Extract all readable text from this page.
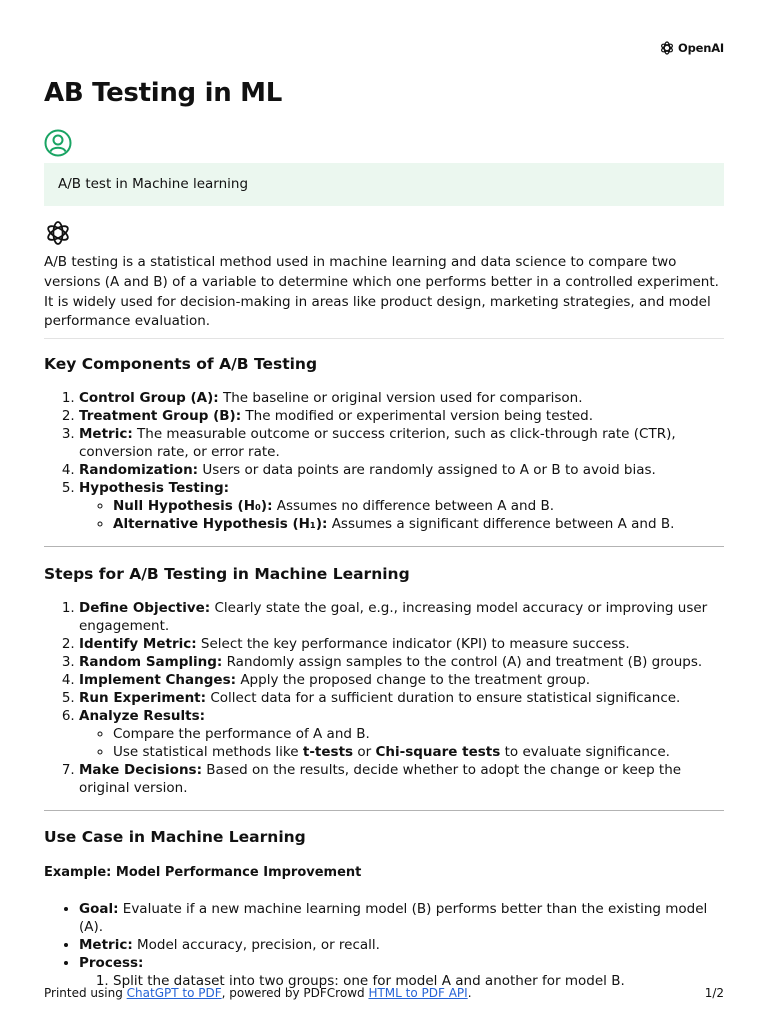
OpenAI
AB Testing in ML
A/B test in Machine learning

A/B testing is a statistical method used in machine learning and data science to compare two versions (A and B) of a variable to determine which one performs better in a controlled experiment. It is widely used for decision-making in areas like product design, marketing strategies, and model performance evaluation.

Key Components of A/B Testing
1. Control Group (A): The baseline or original version used for comparison.
2. Treatment Group (B): The modified or experimental version being tested.
3. Metric: The measurable outcome or success criterion, such as click-through rate (CTR), conversion rate, or error rate.
4. Randomization: Users or data points are randomly assigned to A or B to avoid bias.
5. Hypothesis Testing:
◦ Null Hypothesis (H₀): Assumes no difference between A and B.
◦ Alternative Hypothesis (H₁): Assumes a significant difference between A and B.
Steps for A/B Testing in Machine Learning
1. Define Objective: Clearly state the goal, e.g., increasing model accuracy or improving user engagement.
2. Identify Metric: Select the key performance indicator (KPI) to measure success.
3. Random Sampling: Randomly assign samples to the control (A) and treatment (B) groups.
4. Implement Changes: Apply the proposed change to the treatment group.
5. Run Experiment: Collect data for a sufficient duration to ensure statistical significance.
6. Analyze Results:
◦ Compare the performance of A and B.
◦ Use statistical methods like t-tests or Chi-square tests to evaluate significance.
7. Make Decisions: Based on the results, decide whether to adopt the change or keep the original version.
Use Case in Machine Learning
Example: Model Performance Improvement
• Goal: Evaluate if a new machine learning model (B) performs better than the existing model (A).
• Metric: Model accuracy, precision, or recall.
• Process:
1. Split the dataset into two groups: one for model A and another for model B.
Printed using ChatGPT to PDF, powered by PDFCrowd HTML to PDF API.	1/2
